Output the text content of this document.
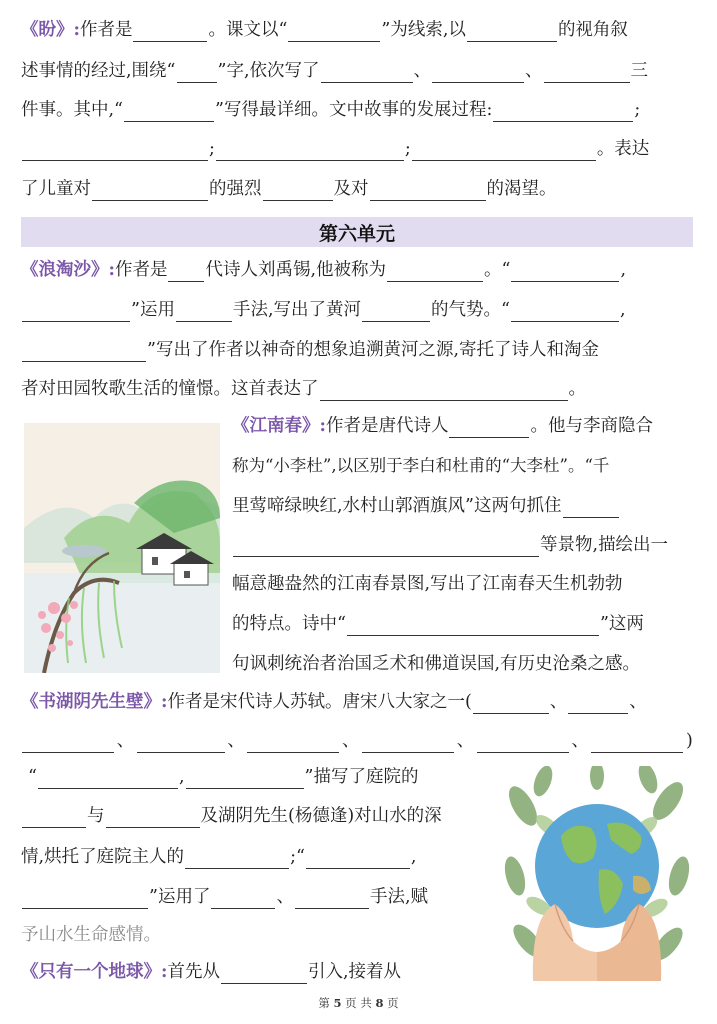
《盼》: 作者是	。课文以“	”为线索,以	的视角叙
述事情的经过,围绕“ ”字,依次写了	、	、	三
件事。其中,“	”写得最详细。文中故事的发展过程:	;
;	;	。表达
了儿童对	的强烈	及对	的渴望。
第六单元
《浪淘沙》: 作者是 代诗人刘禹锡,他被称为	。“	,
”运用	手法,写出了黄河	的气势。“	,
”写出了作者以神奇的想象追溯黄河之源,寄托了诗人和淘金
者对田园牧歌生活的憧憬。这首表达了	。
《江南春》: 作者是唐代诗人	。他与李商隐合
称为“小李杜”,以区别于李白和杜甫的“大李杜”。“千
里莺啼绿映红,水村山郭酒旗风”这两句抓住
等景物,描绘出一
幅意趣盎然的江南春景图,写出了江南春天生机勃勃
的特点。诗中“	”这两
句讽刺统治者治国乏术和佛道误国,有历史沧桑之感。
《书湖阴先生壁》: 作者是宋代诗人苏轼。唐宋八大家之一(	、	、
、	、	、	、	、	)
“	,	”描写了庭院的
与	及湖阴先生(杨德逢)对山水的深
情,烘托了庭院主人的	;“	,
”运用了	、	手法,赋
予山水生命感情。
《只有一个地球》: 首先从	引入,接着从
第 5 页 共 8 页
